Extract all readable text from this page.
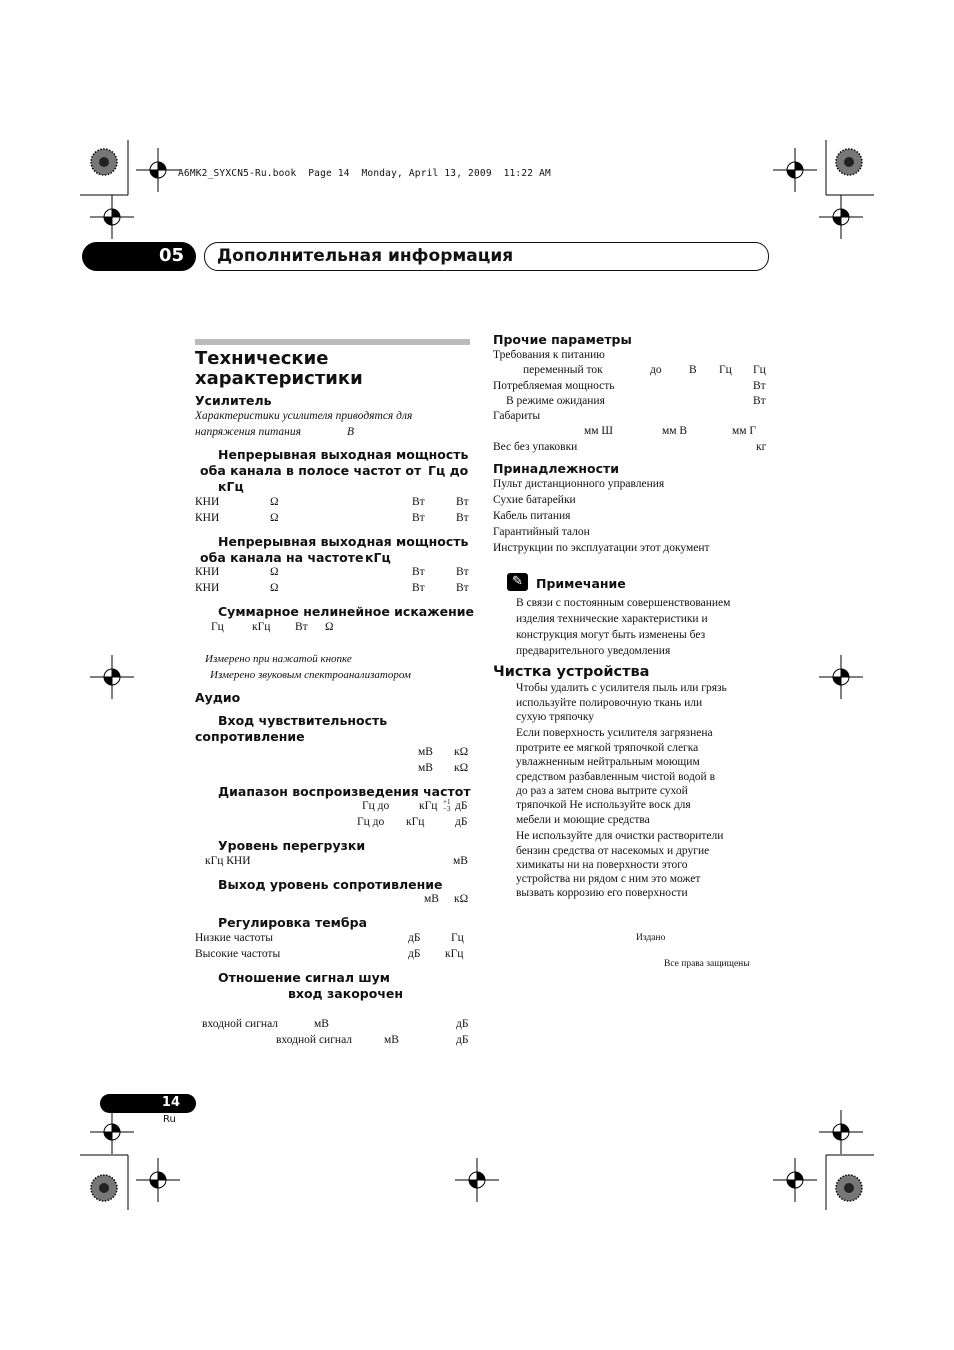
A6MK2_SYXCN5-Ru.book  Page 14  Monday, April 13, 2009  11:22 AM
05 Дополнительная информация
Технические
характеристики
Усилитель
Характеристики усилителя приводятся для
напряжения питания	В
Непрерывная выходная мощность
оба канала в полосе частот от Гц до
кГц
КНИ	Ω	Вт	Вт
КНИ	Ω	Вт	Вт
Непрерывная выходная мощность
оба канала на частоте кГц
КНИ	Ω	Вт	Вт
КНИ	Ω	Вт	Вт
Суммарное нелинейное искажение
Гц кГц Вт Ω
Измерено при нажатой кнопке
Измерено звуковым спектроанализатором
Аудио
Вход чувствительность
сопротивление
мВ кΩ
мВ кΩ
Диапазон воспроизведения частот
Гц до	кГц +1
−3 дБ
Гц до кГц	дБ
Уровень перегрузки
кГц КНИ	мВ
Выход уровень сопротивление
мВ кΩ
Регулировка тембра
Низкие частоты	дБ	Гц
Высокие частоты	дБ кГц
Отношение сигнал шум
вход закорочен
входной сигнал	мВ	дБ
входной сигнал	мВ	дБ
Прочие параметры
Требования к питанию
переменный ток	до В Гц Гц
Потребляемая мощность	Вт
В режиме ожидания	Вт
Габариты
мм Ш	мм В	мм Г
Вес без упаковки	кг
Принадлежности
Пульт дистанционного управления
Сухие батарейки
Кабель питания
Гарантийный талон
Инструкции по эксплуатации этот документ
✎	Примечание
В связи с постоянным совершенствованием
изделия технические характеристики и
конструкция могут быть изменены без
предварительного уведомления
Чистка устройства
Чтобы удалить с усилителя пыль или грязь
используйте полировочную ткань или
сухую тряпочку
Если поверхность усилителя загрязнена
протрите ее мягкой тряпочкой слегка
увлажненным нейтральным моющим
средством разбавленным чистой водой в
до раз а затем снова вытрите сухой
тряпочкой Не используйте воск для
мебели и моющие средства
Не используйте для очистки растворители
бензин средства от насекомых и другие
химикаты ни на поверхности этого
устройства ни рядом с ним это может
вызвать коррозию его поверхности
Издано
Все права защищены
14
Ru
